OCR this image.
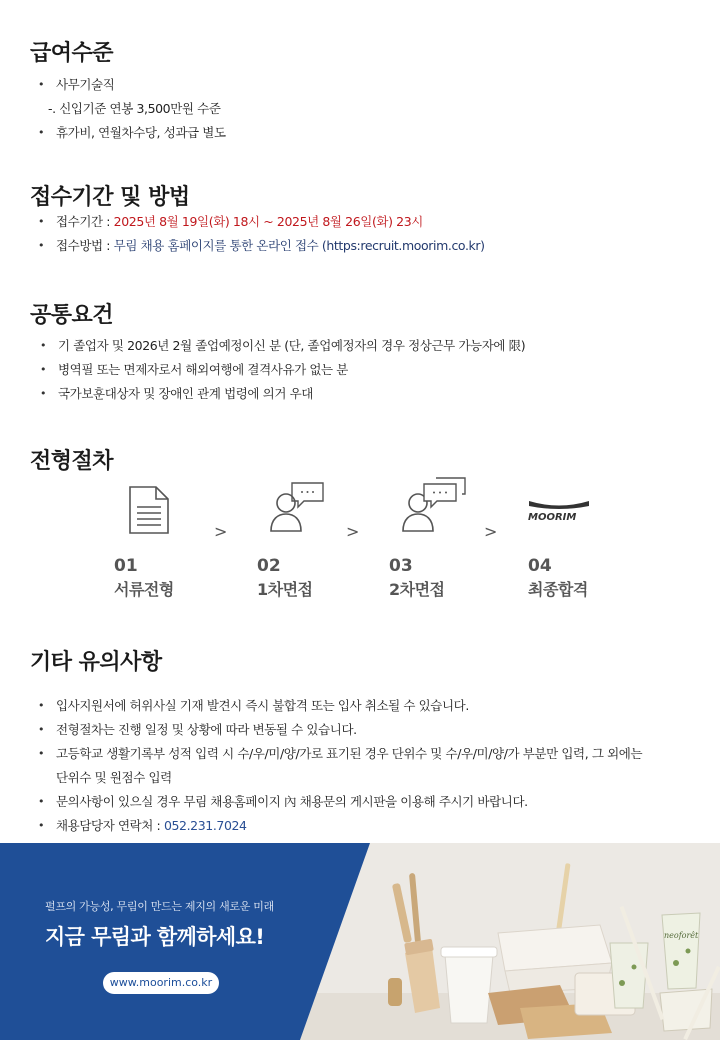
급여수준
• 사무기술직
-. 신입기준 연봉 3,500만원 수준
• 휴가비, 연월차수당, 성과급 별도
접수기간 및 방법
• 접수기간 : 2025년 8월 19일(화) 18시 ~ 2025년 8월 26일(화) 23시
• 접수방법 : 무림 채용 홈페이지를 통한 온라인 접수 (https:recruit.moorim.co.kr)
공통요건
• 기 졸업자 및 2026년 2월 졸업예정이신 분 (단, 졸업예정자의 경우 정상근무 가능자에 限)
• 병역필 또는 면제자로서 해외여행에 결격사유가 없는 분
• 국가보훈대상자 및 장애인 관계 법령에 의거 우대
전형절차
>	>	>
MOORIM
01
서류전형
02
1차면접
03
2차면접
04
최종합격
기타 유의사항
• 입사지원서에 허위사실 기재 발견시 즉시 불합격 또는 입사 취소될 수 있습니다.
• 전형절차는 진행 일정 및 상황에 따라 변동될 수 있습니다.
• 고등학교 생활기록부 성적 입력 시 수/우/미/양/가로 표기된 경우 단위수 및 수/우/미/양/가 부분만 입력, 그 외에는
단위수 및 원점수 입력
• 문의사항이 있으실 경우 무림 채용홈페이지 內 채용문의 게시판을 이용해 주시기 바랍니다.
• 채용담당자 연락처 : 052.231.7024
neoforêt
펄프의 가능성, 무림이 만드는 제지의 새로운 미래
지금 무림과 함께하세요!
www.moorim.co.kr
